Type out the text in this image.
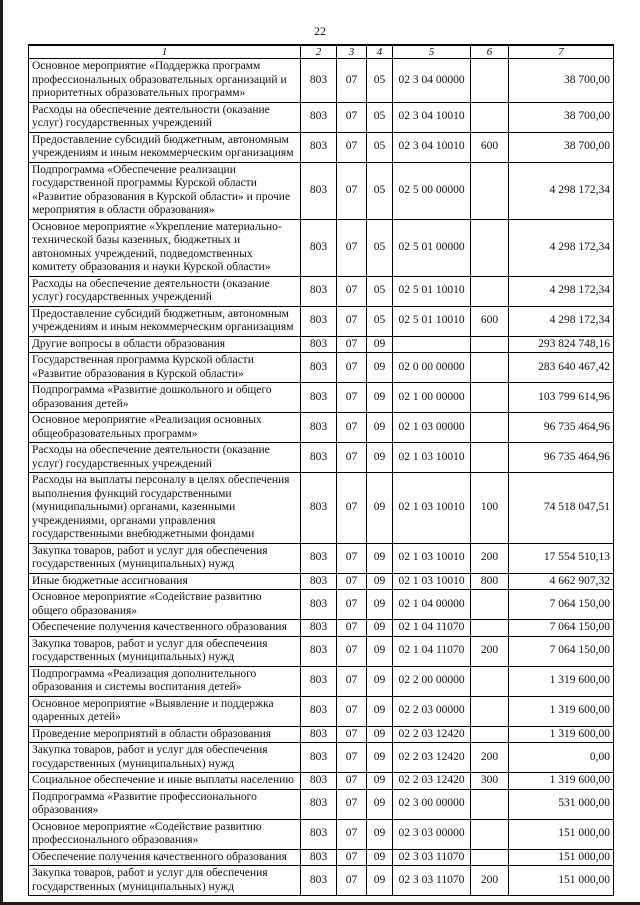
22
1	2	3	4	5	6	7
Основное мероприятие «Поддержка программ профессиональных образовательных организаций и приоритетных образовательных программ»	803	07	05	02 3 04 00000		38 700,00
Расходы на обеспечение деятельности (оказание услуг) государственных учреждений	803	07	05	02 3 04 10010		38 700,00
Предоставление субсидий бюджетным, автономным учреждениям и иным некоммерческим организациям	803	07	05	02 3 04 10010	600	38 700,00
Подпрограмма «Обеспечение реализации государственной программы Курской области «Развитие образования в Курской области» и прочие мероприятия в области образования»	803	07	05	02 5 00 00000		4 298 172,34
Основное мероприятие «Укрепление материально-технической базы казенных, бюджетных и автономных учреждений, подведомственных комитету образования и науки Курской области»	803	07	05	02 5 01 00000		4 298 172,34
Расходы на обеспечение деятельности (оказание услуг) государственных учреждений	803	07	05	02 5 01 10010		4 298 172,34
Предоставление субсидий бюджетным, автономным учреждениям и иным некоммерческим организациям	803	07	05	02 5 01 10010	600	4 298 172,34
Другие вопросы в области образования	803	07	09			293 824 748,16
Государственная программа Курской области «Развитие образования в Курской области»	803	07	09	02 0 00 00000		283 640 467,42
Подпрограмма «Развитие дошкольного и общего образования детей»	803	07	09	02 1 00 00000		103 799 614,96
Основное мероприятие «Реализация основных общеобразовательных программ»	803	07	09	02 1 03 00000		96 735 464,96
Расходы на обеспечение деятельности (оказание услуг) государственных учреждений	803	07	09	02 1 03 10010		96 735 464,96
Расходы на выплаты персоналу в целях обеспечения выполнения функций государственными (муниципальными) органами, казенными учреждениями, органами управления государственными внебюджетными фондами	803	07	09	02 1 03 10010	100	74 518 047,51
Закупка товаров, работ и услуг для обеспечения государственных (муниципальных) нужд	803	07	09	02 1 03 10010	200	17 554 510,13
Иные бюджетные ассигнования	803	07	09	02 1 03 10010	800	4 662 907,32
Основное мероприятие «Содействие развитию общего образования»	803	07	09	02 1 04 00000		7 064 150,00
Обеспечение получения качественного образования	803	07	09	02 1 04 11070		7 064 150,00
Закупка товаров, работ и услуг для обеспечения государственных (муниципальных) нужд	803	07	09	02 1 04 11070	200	7 064 150,00
Подпрограмма «Реализация дополнительного образования и системы воспитания детей»	803	07	09	02 2 00 00000		1 319 600,00
Основное мероприятие «Выявление и поддержка одаренных детей»	803	07	09	02 2 03 00000		1 319 600,00
Проведение мероприятий в области образования	803	07	09	02 2 03 12420		1 319 600,00
Закупка товаров, работ и услуг для обеспечения государственных (муниципальных) нужд	803	07	09	02 2 03 12420	200	0,00
Социальное обеспечение и иные выплаты населению	803	07	09	02 2 03 12420	300	1 319 600,00
Подпрограмма «Развитие профессионального образования»	803	07	09	02 3 00 00000		531 000,00
Основное мероприятие «Содействие развитию профессионального образования»	803	07	09	02 3 03 00000		151 000,00
Обеспечение получения качественного образования	803	07	09	02 3 03 11070		151 000,00
Закупка товаров, работ и услуг для обеспечения государственных (муниципальных) нужд	803	07	09	02 3 03 11070	200	151 000,00
